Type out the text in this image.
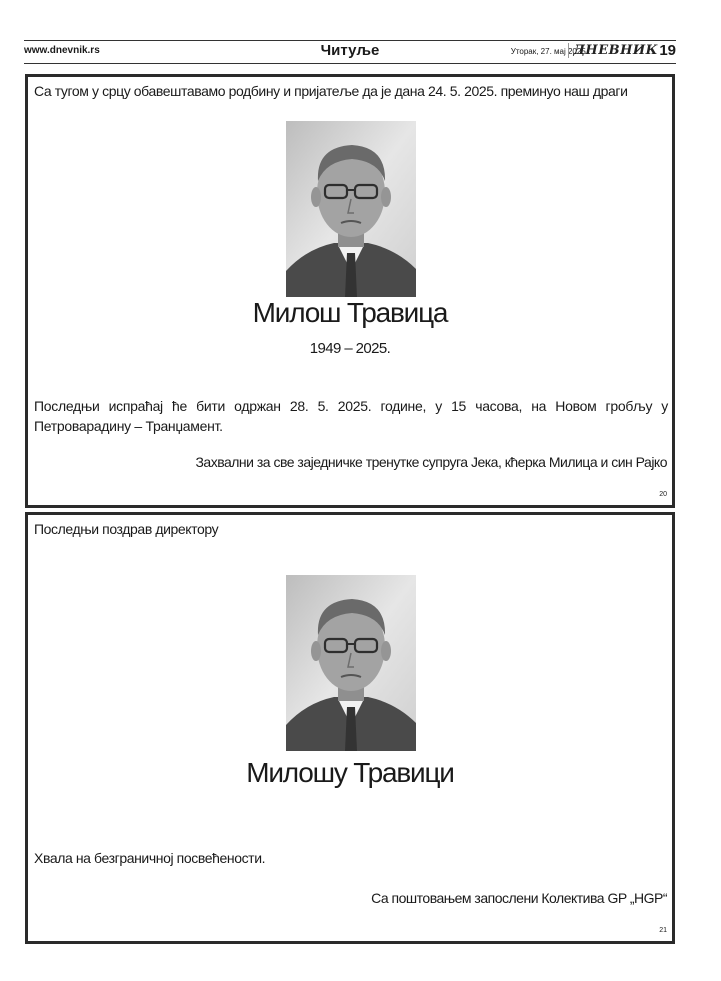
www.dnevnik.rs	Читуље	Уторак, 27. мај 2025.
ДНЕВНИК 19
Са тугом у срцу обавештавамо родбину и пријатеље да је дана 24. 5. 2025. преминуо наш драги
Милош Травица
1949 – 2025.
Последњи испраћај ће бити одржан 28. 5. 2025. године, у 15 часова, на Новом гробљу у Петроварадину – Транџамент.
Захвални за све заједничке тренутке супруга Јека, кћерка Милица и син Рајко
20
Последњи поздрав директору
Милошу Травици
Хвала на безграничној посвећености.
Са поштовањем запослени Колектива GP „HGP“
21
